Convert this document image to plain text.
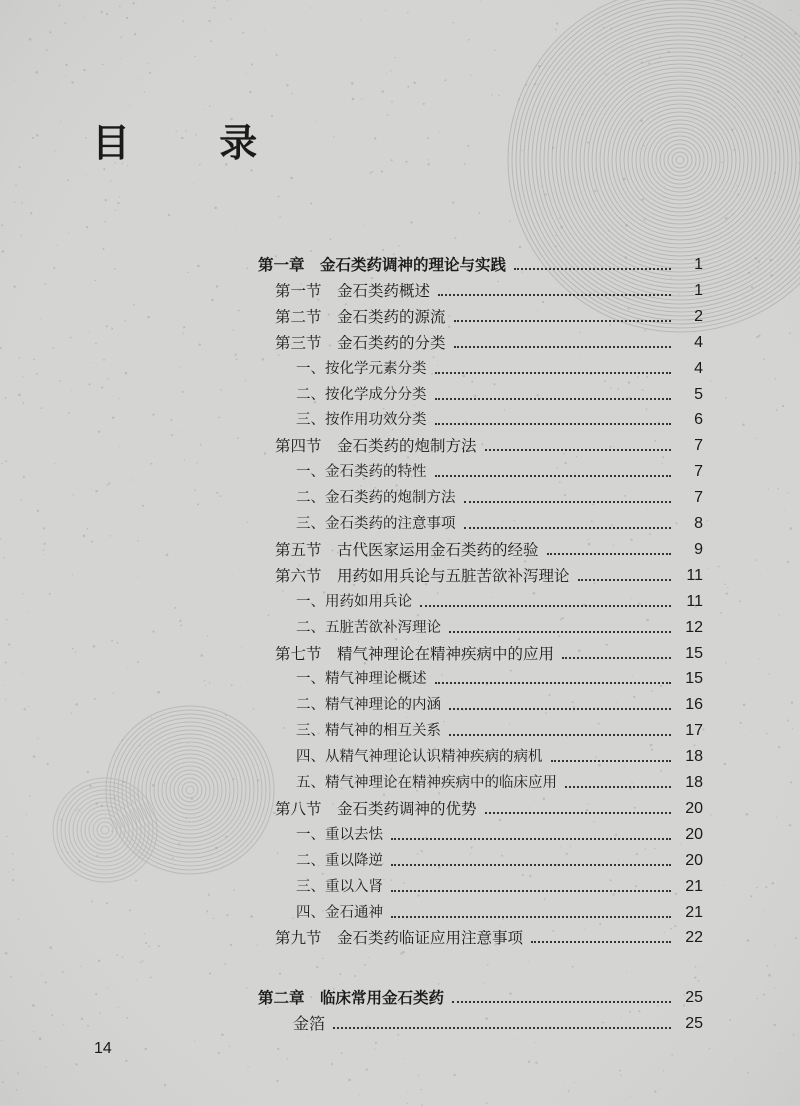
目 录
第一章　金石类药调神的理论与实践	1
第一节　金石类药概述	1
第二节　金石类药的源流	2
第三节　金石类药的分类	4
一、按化学元素分类	4
二、按化学成分分类	5
三、按作用功效分类	6
第四节　金石类药的炮制方法	7
一、金石类药的特性	7
二、金石类药的炮制方法	7
三、金石类药的注意事项	8
第五节　古代医家运用金石类药的经验	9
第六节　用药如用兵论与五脏苦欲补泻理论	11
一、用药如用兵论	11
二、五脏苦欲补泻理论	12
第七节　精气神理论在精神疾病中的应用	15
一、精气神理论概述	15
二、精气神理论的内涵	16
三、精气神的相互关系	17
四、从精气神理论认识精神疾病的病机	18
五、精气神理论在精神疾病中的临床应用	18
第八节　金石类药调神的优势	20
一、重以去怯	20
二、重以降逆	20
三、重以入肾	21
四、金石通神	21
第九节　金石类药临证应用注意事项	22
第二章　临床常用金石类药	25
金箔	25
14
